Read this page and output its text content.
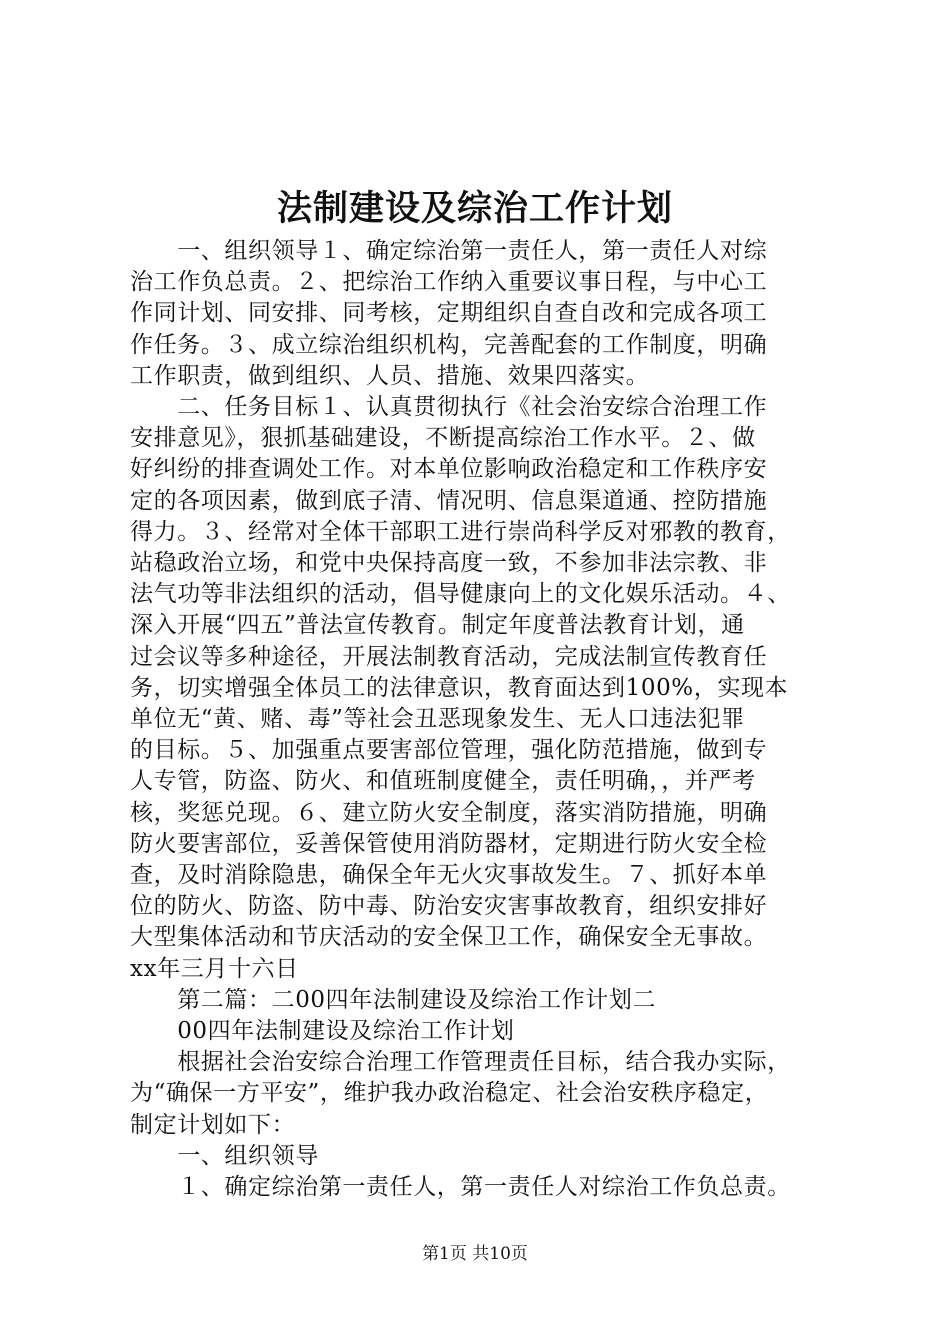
法制建设及综治工作计划
　　一、组织领导１、确定综治第一责任人，第一责任人对综
治工作负总责。２、把综治工作纳入重要议事日程，与中心工
作同计划、同安排、同考核，定期组织自查自改和完成各项工
作任务。３、成立综治组织机构，完善配套的工作制度，明确
工作职责，做到组织、人员、措施、效果四落实。
　　二、任务目标１、认真贯彻执行《社会治安综合治理工作
安排意见》，狠抓基础建设，不断提高综治工作水平。２、做
好纠纷的排查调处工作。对本单位影响政治稳定和工作秩序安
定的各项因素，做到底子清、情况明、信息渠道通、控防措施
得力。３、经常对全体干部职工进行崇尚科学反对邪教的教育，
站稳政治立场，和党中央保持高度一致，不参加非法宗教、非
法气功等非法组织的活动，倡导健康向上的文化娱乐活动。４、
深入开展“四五”普法宣传教育。制定年度普法教育计划，通
过会议等多种途径，开展法制教育活动，完成法制宣传教育任
务，切实增强全体员工的法律意识，教育面达到100%，实现本
单位无“黄、赌、毒”等社会丑恶现象发生、无人口违法犯罪
的目标。５、加强重点要害部位管理，强化防范措施，做到专
人专管，防盗、防火、和值班制度健全，责任明确，，并严考
核，奖惩兑现。６、建立防火安全制度，落实消防措施，明确
防火要害部位，妥善保管使用消防器材，定期进行防火安全检
查，及时消除隐患，确保全年无火灾事故发生。７、抓好本单
位的防火、防盗、防中毒、防治安灾害事故教育，组织安排好
大型集体活动和节庆活动的安全保卫工作，确保安全无事故。
xx年三月十六日
　　第二篇：二00四年法制建设及综治工作计划二
　　00四年法制建设及综治工作计划
　　根据社会治安综合治理工作管理责任目标，结合我办实际，
为“确保一方平安”，维护我办政治稳定、社会治安秩序稳定，
制定计划如下：
　　一、组织领导
　　１、确定综治第一责任人，第一责任人对综治工作负总责。
第1页 共10页
